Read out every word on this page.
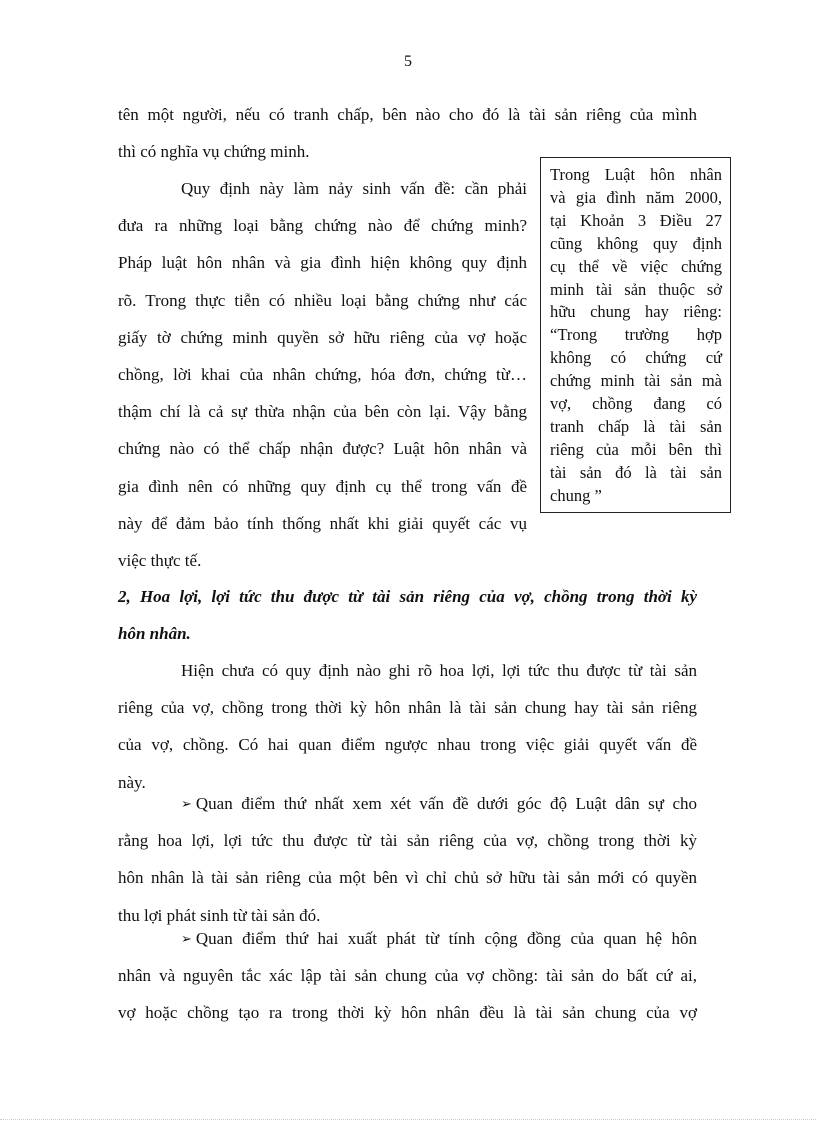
5
tên một người, nếu có tranh chấp, bên nào cho đó là tài sản riêng của mình
thì có nghĩa vụ chứng minh.
Quy định này làm nảy sinh vấn đề: cần phải
đưa ra những loại bằng chứng nào để chứng minh?
Pháp luật hôn nhân và gia đình hiện không quy định
rõ. Trong thực tiễn có nhiều loại bằng chứng như các
giấy tờ chứng minh quyền sở hữu riêng của vợ hoặc
chồng, lời khai của nhân chứng, hóa đơn, chứng từ…
thậm chí là cả sự thừa nhận của bên còn lại. Vậy bằng
chứng nào có thể chấp nhận được? Luật hôn nhân và
gia đình nên có những quy định cụ thể trong vấn đề
này để đảm bảo tính thống nhất khi giải quyết các vụ
việc thực tế.
Trong Luật hôn nhân
và gia đình năm 2000,
tại Khoản 3 Điều 27
cũng không quy định
cụ thể về việc chứng
minh tài sản thuộc sở
hữu chung hay riêng:
“Trong trường hợp
không có chứng cứ
chứng minh tài sản mà
vợ, chồng đang có
tranh chấp là tài sản
riêng của mỗi bên thì
tài sản đó là tài sản
chung ”
2, Hoa lợi, lợi tức thu được từ tài sản riêng của vợ, chồng trong thời kỳ
hôn nhân.
Hiện chưa có quy định nào ghi rõ hoa lợi, lợi tức thu được từ tài sản
riêng của vợ, chồng trong thời kỳ hôn nhân là tài sản chung hay tài sản riêng
của vợ, chồng. Có hai quan điểm ngược nhau trong việc giải quyết vấn đề
này.
➢ Quan điểm thứ nhất xem xét vấn đề dưới góc độ Luật dân sự cho
rằng hoa lợi, lợi tức thu được từ tài sản riêng của vợ, chồng trong thời kỳ
hôn nhân là tài sản riêng của một bên vì chỉ chủ sở hữu tài sản mới có quyền
thu lợi phát sinh từ tài sản đó.
➢ Quan điểm thứ hai xuất phát từ tính cộng đồng của quan hệ hôn
nhân và nguyên tắc xác lập tài sản chung của vợ chồng: tài sản do bất cứ ai,
vợ hoặc chồng tạo ra trong thời kỳ hôn nhân đều là tài sản chung của vợ
